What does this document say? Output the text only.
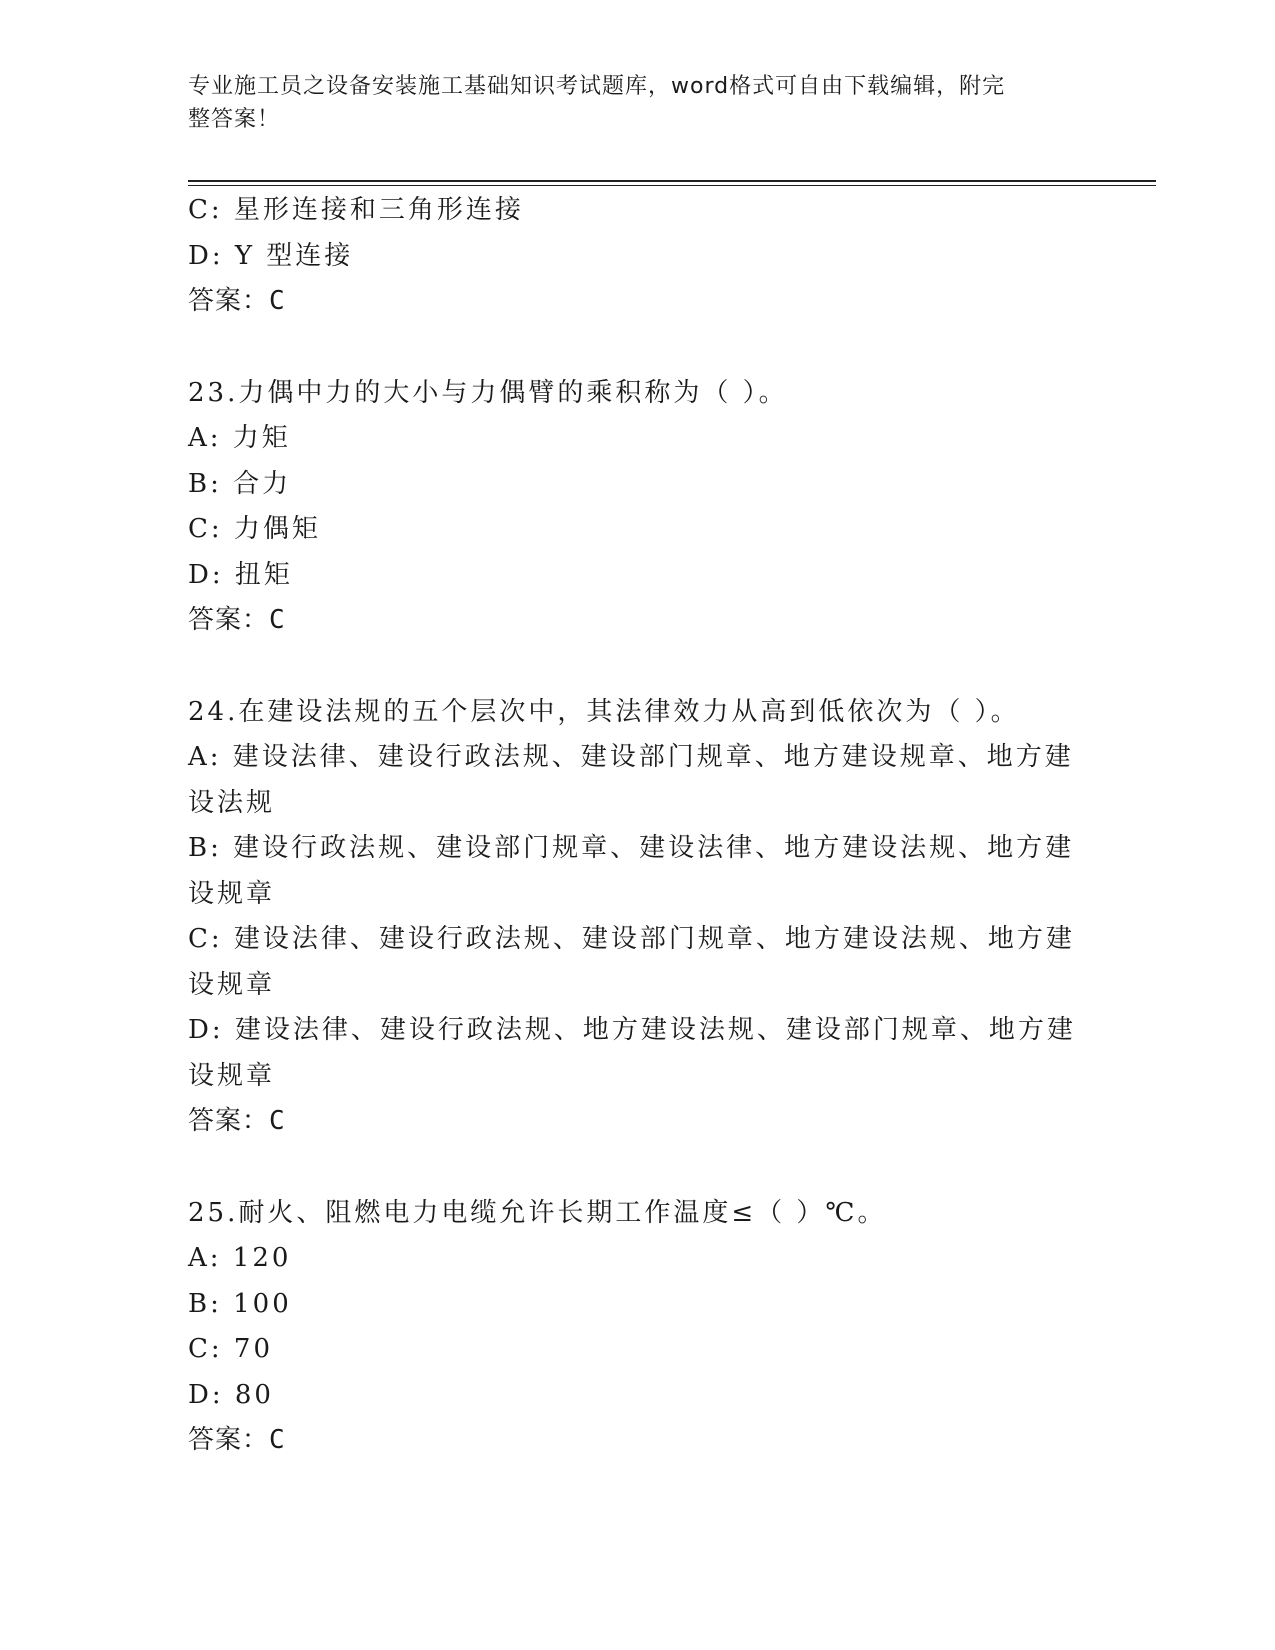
专业施工员之设备安装施工基础知识考试题库，word格式可自由下载编辑，附完
整答案！
C: 星形连接和三角形连接
D: Y 型连接
答案：C
23.力偶中力的大小与力偶臂的乘积称为（ ）。
A: 力矩
B: 合力
C: 力偶矩
D: 扭矩
答案：C
24.在建设法规的五个层次中，其法律效力从高到低依次为（ ）。
A: 建设法律、建设行政法规、建设部门规章、地方建设规章、地方建
设法规
B: 建设行政法规、建设部门规章、建设法律、地方建设法规、地方建
设规章
C: 建设法律、建设行政法规、建设部门规章、地方建设法规、地方建
设规章
D: 建设法律、建设行政法规、地方建设法规、建设部门规章、地方建
设规章
答案：C
25.耐火、阻燃电力电缆允许长期工作温度≤（ ）℃。
A: 120
B: 100
C: 70
D: 80
答案：C
